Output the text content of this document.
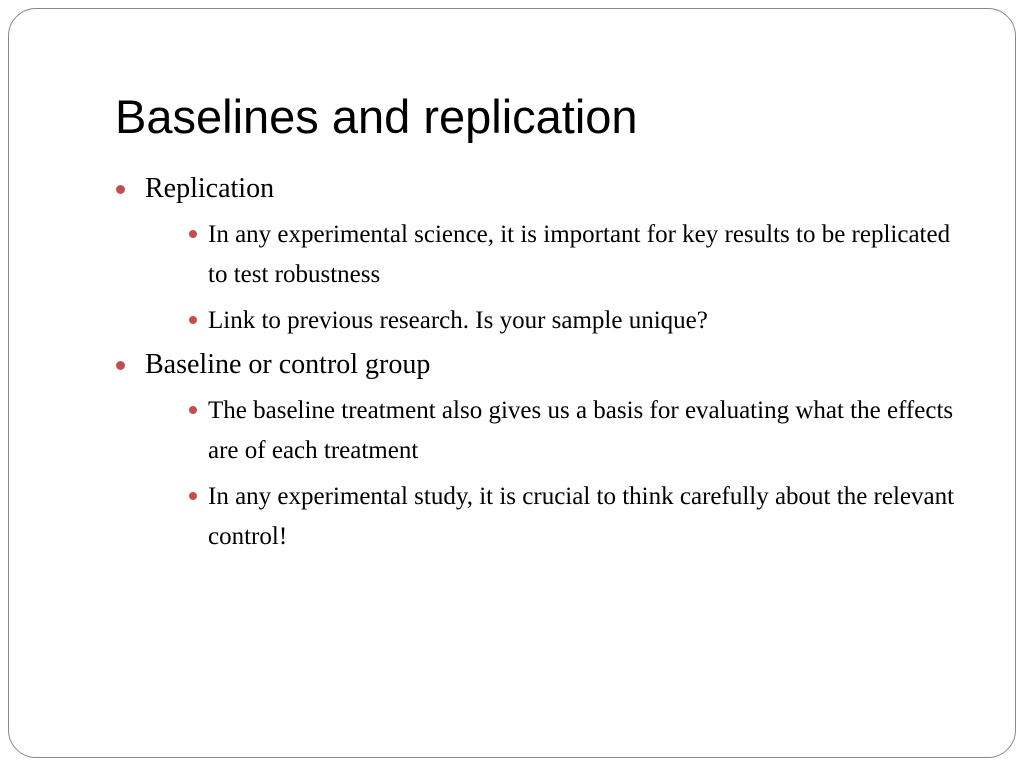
Baselines and replication
Replication
In any experimental science, it is important for key results to be replicated to test robustness
Link to previous research. Is your sample unique?
Baseline or control group
The baseline treatment also gives us a basis for evaluating what the effects are of each treatment
In any experimental study, it is crucial to think carefully about the relevant control!
